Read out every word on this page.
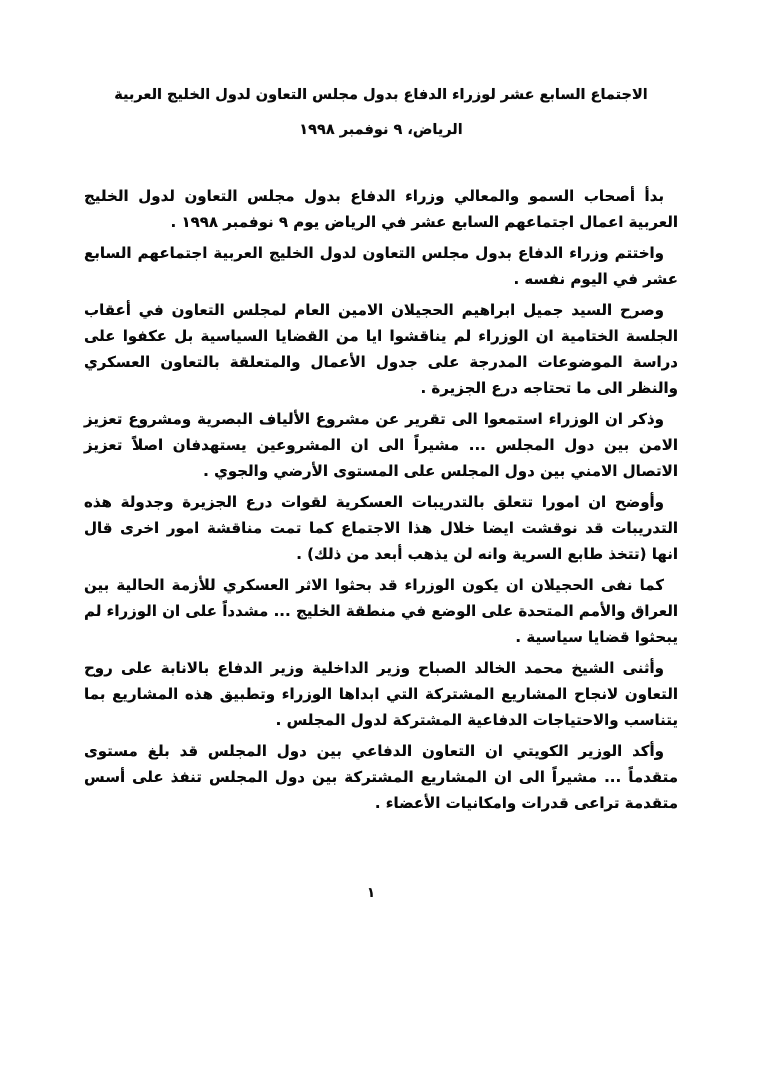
الاجتماع السابع عشر لوزراء الدفاع بدول مجلس التعاون لدول الخليج العربية
الرياض، ٩ نوفمبر ١٩٩٨

بدأ أصحاب السمو والمعالي وزراء الدفاع بدول مجلس التعاون لدول الخليج العربية اعمال اجتماعهم السابع عشر في الرياض يوم ٩ نوفمبر ١٩٩٨ .

واختتم وزراء الدفاع بدول مجلس التعاون لدول الخليج العربية اجتماعهم السابع عشر في اليوم نفسه .

وصرح السيد جميل ابراهيم الحجيلان الامين العام لمجلس التعاون في أعقاب الجلسة الختامية ان الوزراء لم يناقشوا ايا من القضايا السياسية بل عكفوا على دراسة الموضوعات المدرجة على جدول الأعمال والمتعلقة بالتعاون العسكري والنظر الى ما تحتاجه درع الجزيرة .

وذكر ان الوزراء استمعوا الى تقرير عن مشروع الألياف البصرية ومشروع تعزيز الامن بين دول المجلس ... مشيراً الى ان المشروعين يستهدفان اصلاً تعزيز الاتصال الامني بين دول المجلس على المستوى الأرضي والجوي .

وأوضح ان امورا تتعلق بالتدريبات العسكرية لقوات درع الجزيرة وجدولة هذه التدريبات قد نوقشت ايضا خلال هذا الاجتماع كما تمت مناقشة امور اخرى قال انها (تتخذ طابع السرية وانه لن يذهب أبعد من ذلك) .

كما نفى الحجيلان ان يكون الوزراء قد بحثوا الاثر العسكري للأزمة الحالية بين العراق والأمم المتحدة على الوضع في منطقة الخليج ... مشدداً على ان الوزراء لم يبحثوا قضايا سياسية .

وأثنى الشيخ محمد الخالد الصباح وزير الداخلية وزير الدفاع بالانابة على روح التعاون لانجاح المشاريع المشتركة التي ابداها الوزراء وتطبيق هذه المشاريع بما يتناسب والاحتياجات الدفاعية المشتركة لدول المجلس .

وأكد الوزير الكويتي ان التعاون الدفاعي بين دول المجلس قد بلغ مستوى متقدماً ... مشيراً الى ان المشاريع المشتركة بين دول المجلس تنفذ على أسس متقدمة تراعى قدرات وامكانيات الأعضاء .

١
